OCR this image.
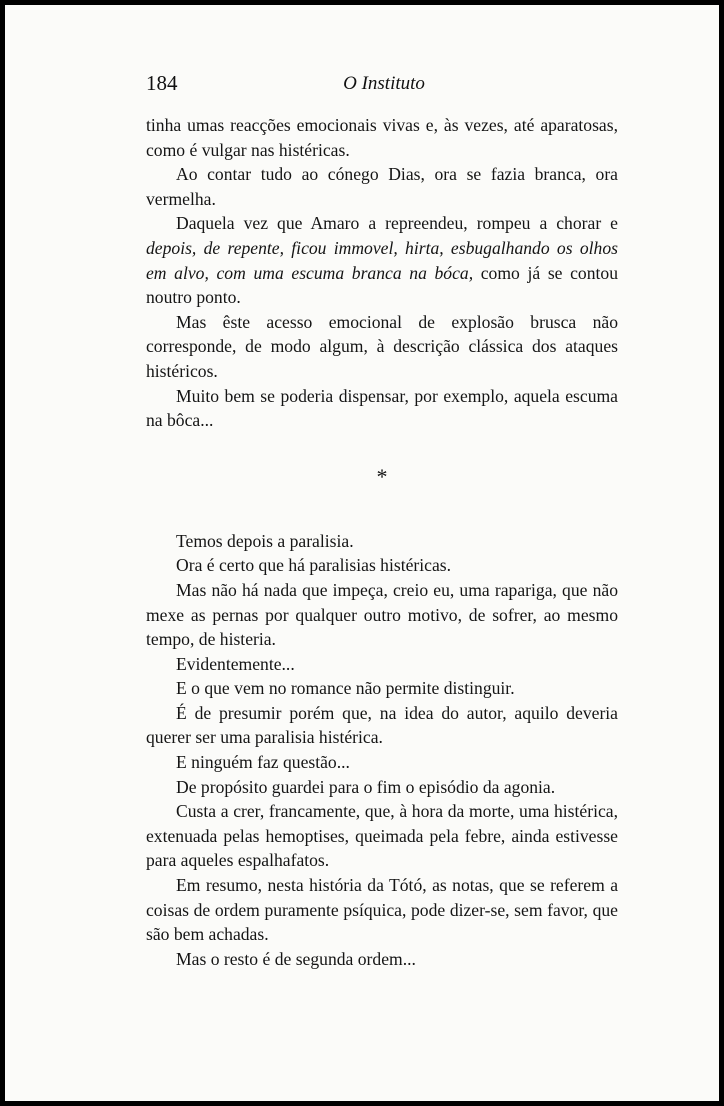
184	O Instituto

tinha umas reacções emocionais vivas e, às vezes, até aparatosas, como é vulgar nas histéricas.

Ao contar tudo ao cónego Dias, ora se fazia branca, ora vermelha.

Daquela vez que Amaro a repreendeu, rompeu a chorar e depois, de repente, ficou immovel, hirta, esbugalhando os olhos em alvo, com uma escuma branca na bóca, como já se contou noutro ponto.

Mas êste acesso emocional de explosão brusca não corresponde, de modo algum, à descrição clássica dos ataques histéricos.

Muito bem se poderia dispensar, por exemplo, aquela escuma na bôca...

*

Temos depois a paralisia.

Ora é certo que há paralisias histéricas.

Mas não há nada que impeça, creio eu, uma rapariga, que não mexe as pernas por qualquer outro motivo, de sofrer, ao mesmo tempo, de histeria.

Evidentemente...

E o que vem no romance não permite distinguir.

É de presumir porém que, na idea do autor, aquilo deveria querer ser uma paralisia histérica.

E ninguém faz questão...

De propósito guardei para o fim o episódio da agonia.

Custa a crer, francamente, que, à hora da morte, uma histérica, extenuada pelas hemoptises, queimada pela febre, ainda estivesse para aqueles espalhafatos.

Em resumo, nesta história da Tótó, as notas, que se referem a coisas de ordem puramente psíquica, pode dizer-se, sem favor, que são bem achadas.

Mas o resto é de segunda ordem...
